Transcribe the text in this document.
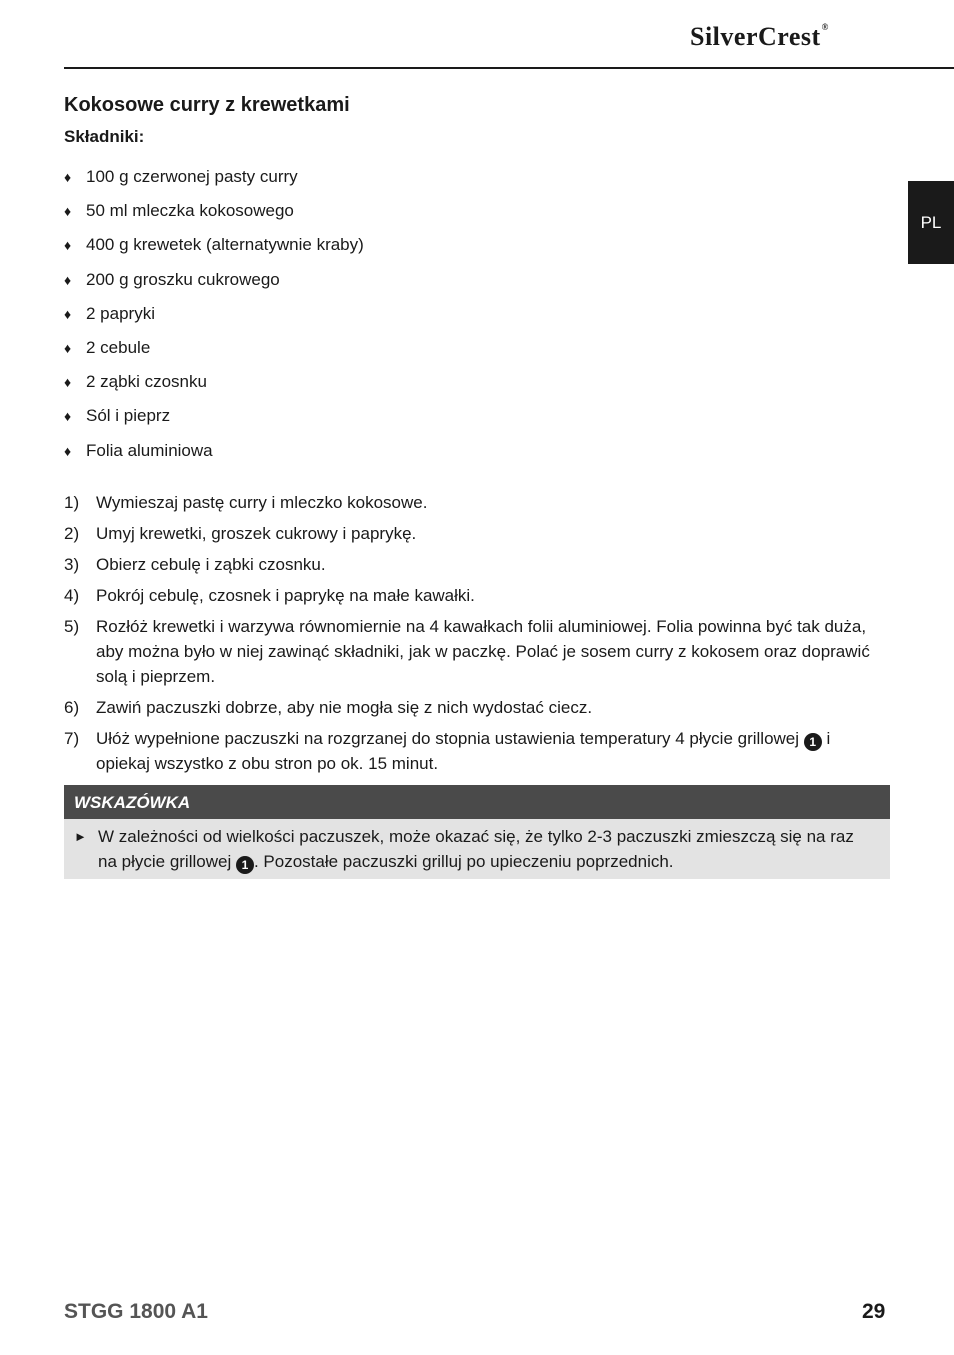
SilverCrest®
PL
Kokosowe curry z krewetkami
Składniki:
♦ 100 g czerwonej pasty curry
♦ 50 ml mleczka kokosowego
♦ 400 g krewetek (alternatywnie kraby)
♦ 200 g groszku cukrowego
♦ 2 papryki
♦ 2 cebule
♦ 2 ząbki czosnku
♦ Sól i pieprz
♦ Folia aluminiowa
1) Wymieszaj pastę curry i mleczko kokosowe.
2) Umyj krewetki, groszek cukrowy i paprykę.
3) Obierz cebulę i ząbki czosnku.
4) Pokrój cebulę, czosnek i paprykę na małe kawałki.
5) Rozłóż krewetki i warzywa równomiernie na 4 kawałkach folii aluminiowej. Folia powinna być tak duża, aby można było w niej zawinąć składniki, jak w paczkę. Polać je sosem curry z kokosem oraz doprawić solą i pieprzem.
6) Zawiń paczuszki dobrze, aby nie mogła się z nich wydostać ciecz.
7) Ułóż wypełnione paczuszki na rozgrzanej do stopnia ustawienia temperatury 4 płycie grillowej 1 i opiekaj wszystko z obu stron po ok. 15 minut.
WSKAZÓWKA
► W zależności od wielkości paczuszek, może okazać się, że tylko 2-3 paczuszki zmieszczą się na raz na płycie grillowej 1 . Pozostałe paczuszki grilluj po upieczeniu poprzednich.
STGG 1800 A1	29
